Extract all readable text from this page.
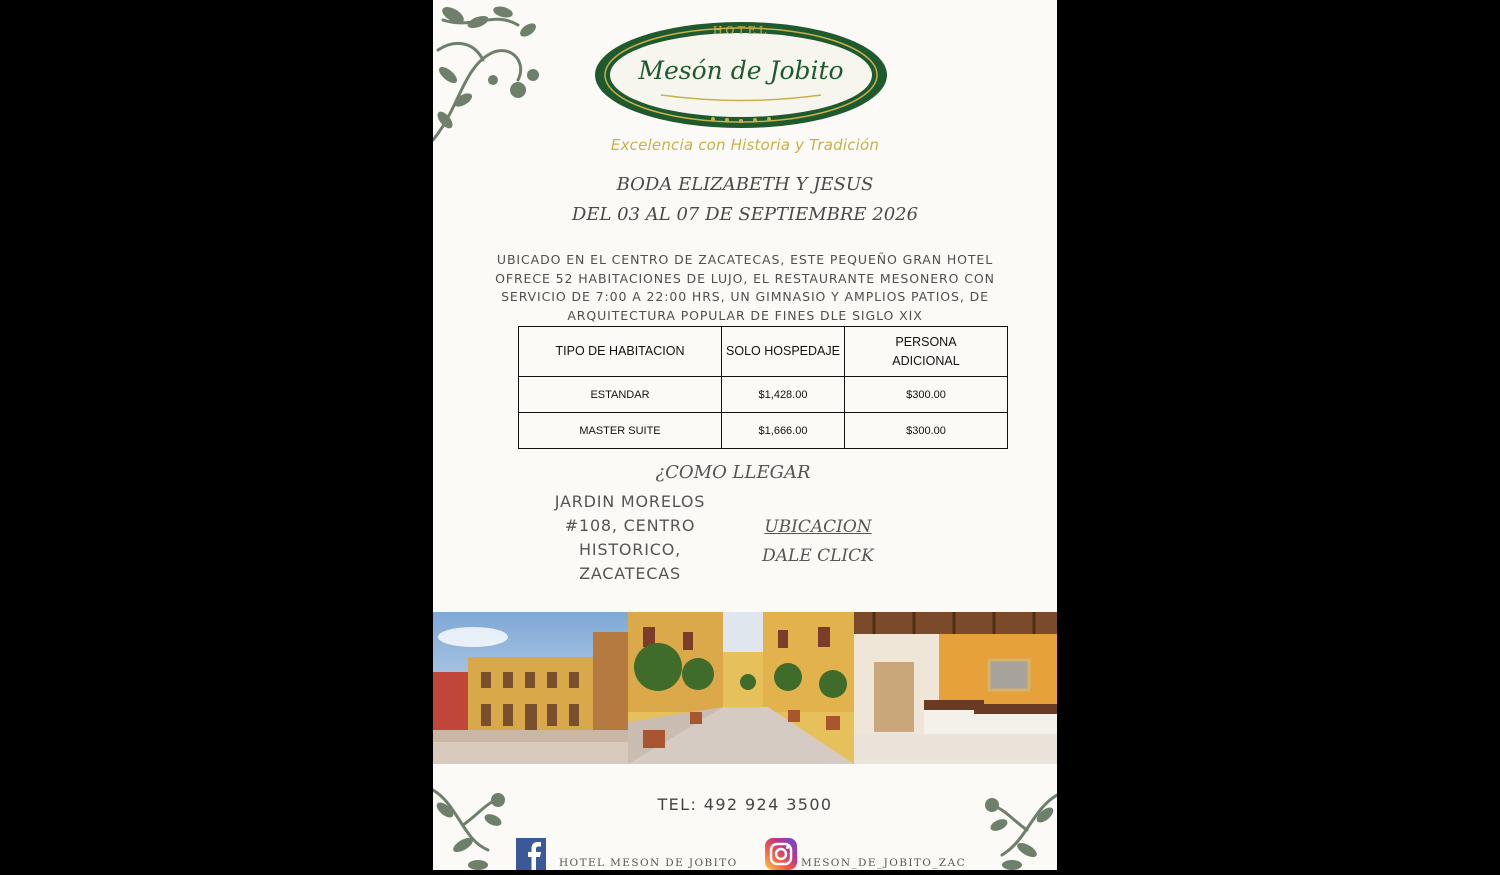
HOTEL
Mesón de Jobito
Excelencia con Historia y Tradición
BODA ELIZABETH Y JESUS
DEL 03 AL 07 DE SEPTIEMBRE 2026
UBICADO EN EL CENTRO DE ZACATECAS, ESTE PEQUEÑO GRAN HOTEL OFRECE 52 HABITACIONES DE LUJO, EL RESTAURANTE MESONERO CON SERVICIO DE 7:00 A 22:00 HRS, UN GIMNASIO Y AMPLIOS PATIOS, DE ARQUITECTURA POPULAR DE FINES DLE SIGLO XIX
TIPO DE HABITACION	SOLO HOSPEDAJE	PERSONA ADICIONAL
ESTANDAR	$1,428.00	$300.00
MASTER SUITE	$1,666.00	$300.00
¿COMO LLEGAR
JARDIN MORELOS
#108, CENTRO
HISTORICO,
ZACATECAS
UBICACION
DALE CLICK
TEL: 492 924 3500
HOTEL MESON DE JOBITO	MESON_DE_JOBITO_ZAC
